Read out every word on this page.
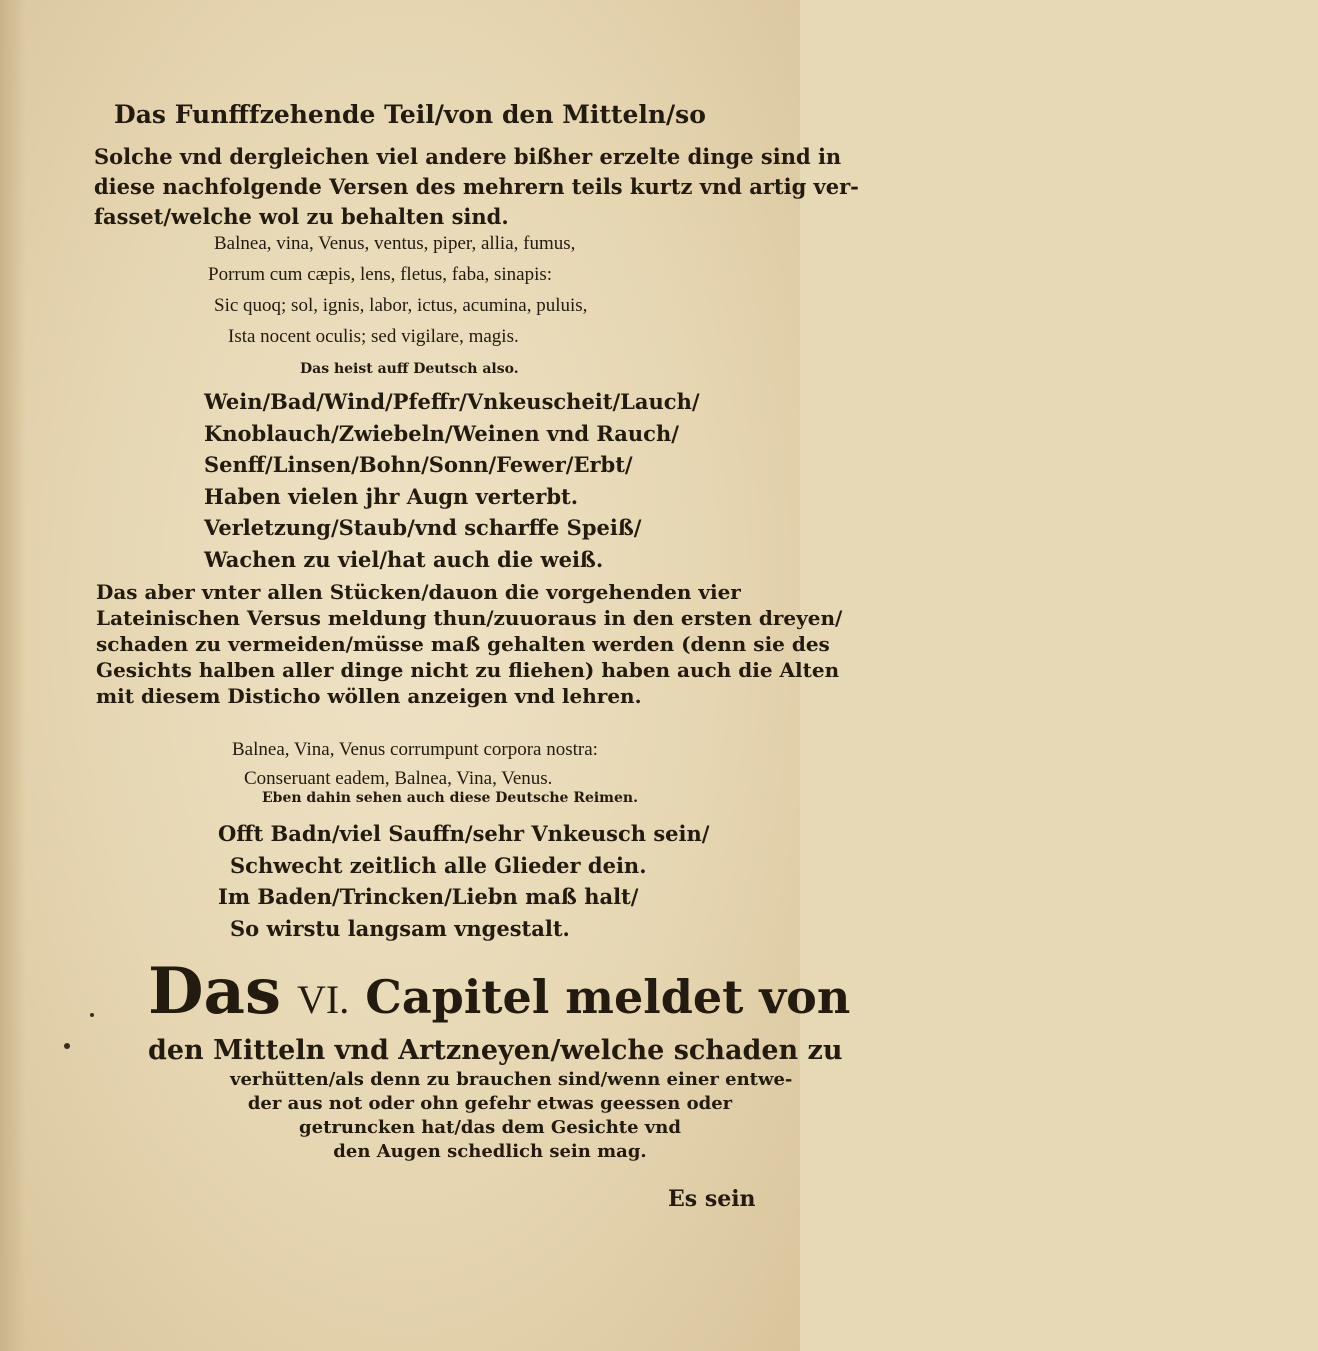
Das Funfffzehende Teil/von den Mitteln/so
Solche vnd dergleichen viel andere bißher erzelte dinge sind in
diese nachfolgende Versen des mehrern teils kurtz vnd artig ver-
fasset/welche wol zu behalten sind.
Balnea, vina, Venus, ventus, piper, allia, fumus,
Porrum cum cæpis, lens, fletus, faba, sinapis:
Sic quoq; sol, ignis, labor, ictus, acumina, puluis,
Ista nocent oculis; sed vigilare, magis.
Das heist auff Deutsch also.
Wein/Bad/Wind/Pfeffr/Vnkeuscheit/Lauch/
Knoblauch/Zwiebeln/Weinen vnd Rauch/
Senff/Linsen/Bohn/Sonn/Fewer/Erbt/
Haben vielen jhr Augn verterbt.
Verletzung/Staub/vnd scharffe Speiß/
Wachen zu viel/hat auch die weiß.
Das aber vnter allen Stücken/dauon die vorgehenden vier
Lateinischen Versus meldung thun/zuuoraus in den ersten dreyen/
schaden zu vermeiden/müsse maß gehalten werden (denn sie des
Gesichts halben aller dinge nicht zu fliehen) haben auch die Alten
mit diesem Disticho wöllen anzeigen vnd lehren.
Balnea, Vina, Venus corrumpunt corpora nostra:
Conseruant eadem, Balnea, Vina, Venus.
Eben dahin sehen auch diese Deutsche Reimen.
Offt Badn/viel Sauffn/sehr Vnkeusch sein/
Schwecht zeitlich alle Glieder dein.
Im Baden/Trincken/Liebn maß halt/
So wirstu langsam vngestalt.
Das VI. Capitel meldet von
den Mitteln vnd Artzneyen/welche schaden zu
verhütten/als denn zu brauchen sind/wenn einer entwe-
der aus not oder ohn gefehr etwas geessen oder
getruncken hat/das dem Gesichte vnd
den Augen schedlich sein mag.
Es sein
